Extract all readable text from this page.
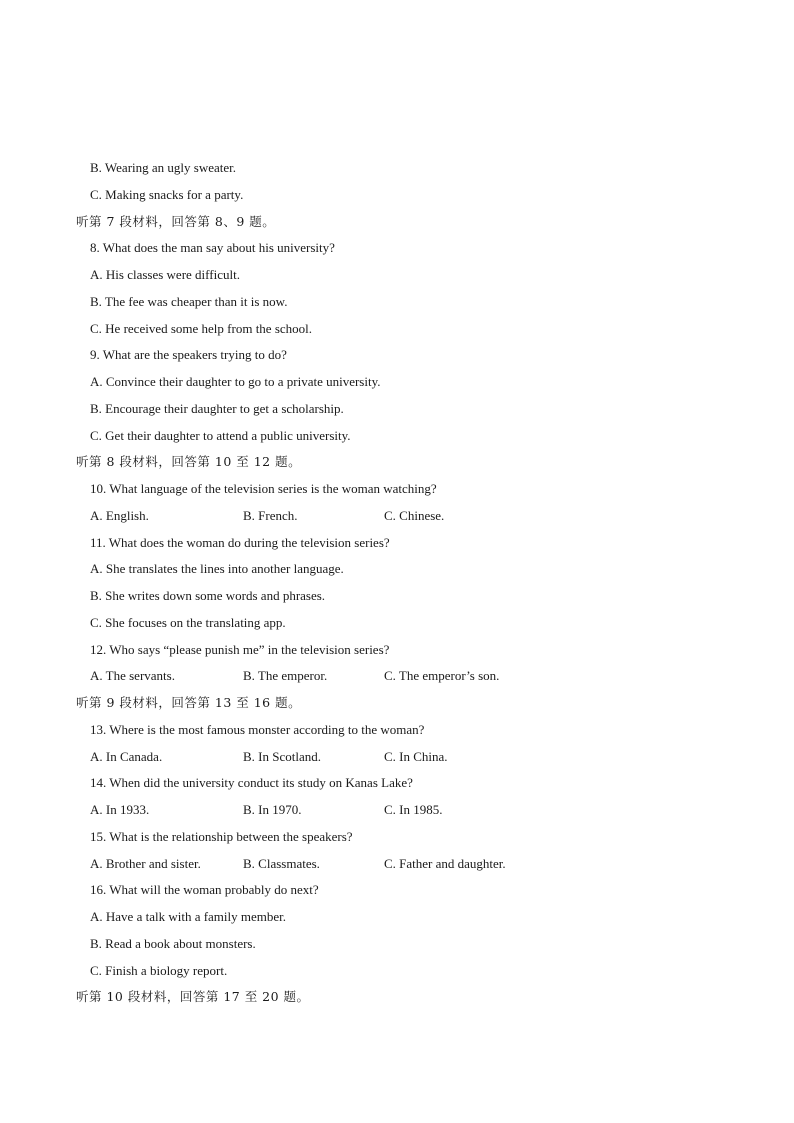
B. Wearing an ugly sweater.
C. Making snacks for a party.
听第 7 段材料，回答第 8、9 题。
8. What does the man say about his university?
A. His classes were difficult.
B. The fee was cheaper than it is now.
C. He received some help from the school.
9. What are the speakers trying to do?
A. Convince their daughter to go to a private university.
B. Encourage their daughter to get a scholarship.
C. Get their daughter to attend a public university.
听第 8 段材料，回答第 10 至 12 题。
10. What language of the television series is the woman watching?
A. English.	B. French.	C. Chinese.
11. What does the woman do during the television series?
A. She translates the lines into another language.
B. She writes down some words and phrases.
C. She focuses on the translating app.
12. Who says “please punish me” in the television series?
A. The servants.	B. The emperor.	C. The emperor’s son.
听第 9 段材料，回答第 13 至 16 题。
13. Where is the most famous monster according to the woman?
A. In Canada.	B. In Scotland.	C. In China.
14. When did the university conduct its study on Kanas Lake?
A. In 1933.	B. In 1970.	C. In 1985.
15. What is the relationship between the speakers?
A. Brother and sister.	B. Classmates.	C. Father and daughter.
16. What will the woman probably do next?
A. Have a talk with a family member.
B. Read a book about monsters.
C. Finish a biology report.
听第 10 段材料，回答第 17 至 20 题。
